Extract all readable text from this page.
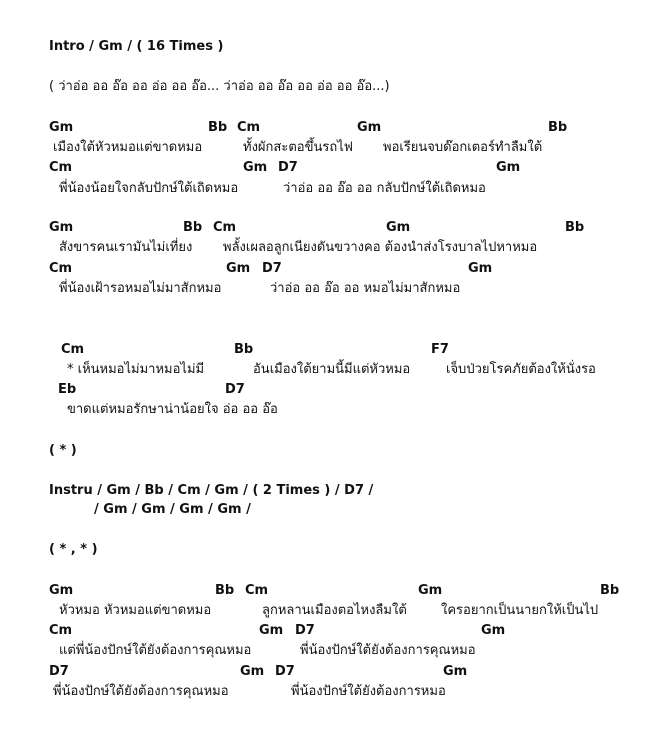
Intro / Gm / ( 16 Times )
( ว่าอ่อ ออ อ๊อ ออ อ่อ ออ อ๊อ... ว่าอ่อ ออ อ๊อ ออ อ่อ ออ อ๊อ...)
Gm	Bb Cm	Gm	Bb
เมืองใต้หัวหมอแต่ขาดหมอ	ทั้งผักสะตอขึ้นรถไฟ พอเรียนจบด๊อกเตอร์ทำลืมใต้
Cm	Gm D7	Gm
พี่น้องน้อยใจกลับปักษ์ใต้เถิดหมอ	ว่าอ่อ ออ อ๊อ ออ กลับปักษ์ใต้เถิดหมอ
Gm	Bb Cm	Gm	Bb
สังขารคนเรามันไม่เที่ยง พลั้งเผลอลูกเนียงดันขวางคอ ต้องนำส่งโรงบาลไปหาหมอ
Cm	Gm D7	Gm
พี่น้องเฝ้ารอหมอไม่มาสักหมอ	ว่าอ่อ ออ อ๊อ ออ หมอไม่มาสักหมอ
Cm	Bb	F7
* เห็นหมอไม่มาหมอไม่มี	อันเมืองใต้ยามนี้มีแต่หัวหมอ	เจ็บป่วยโรคภัยต้องให้นั่งรอ
Eb	D7
ขาดแต่หมอรักษาน่าน้อยใจ อ่อ ออ อ๊อ
( * )
Instru / Gm / Bb / Cm / Gm / ( 2 Times ) / D7 /
/ Gm / Gm / Gm / Gm /
( * , * )
Gm	Bb Cm	Gm	Bb
หัวหมอ หัวหมอแต่ขาดหมอ	ลูกหลานเมืองตอไหงลืมใต้	ใครอยากเป็นนายกให้เป็นไป
Cm	Gm D7	Gm
แต่พี่น้องปักษ์ใต้ยังต้องการคุณหมอ	พี่น้องปักษ์ใต้ยังต้องการคุณหมอ
D7	Gm D7	Gm
พี่น้องปักษ์ใต้ยังต้องการคุณหมอ	พี่น้องปักษ์ใต้ยังต้องการหมอ
